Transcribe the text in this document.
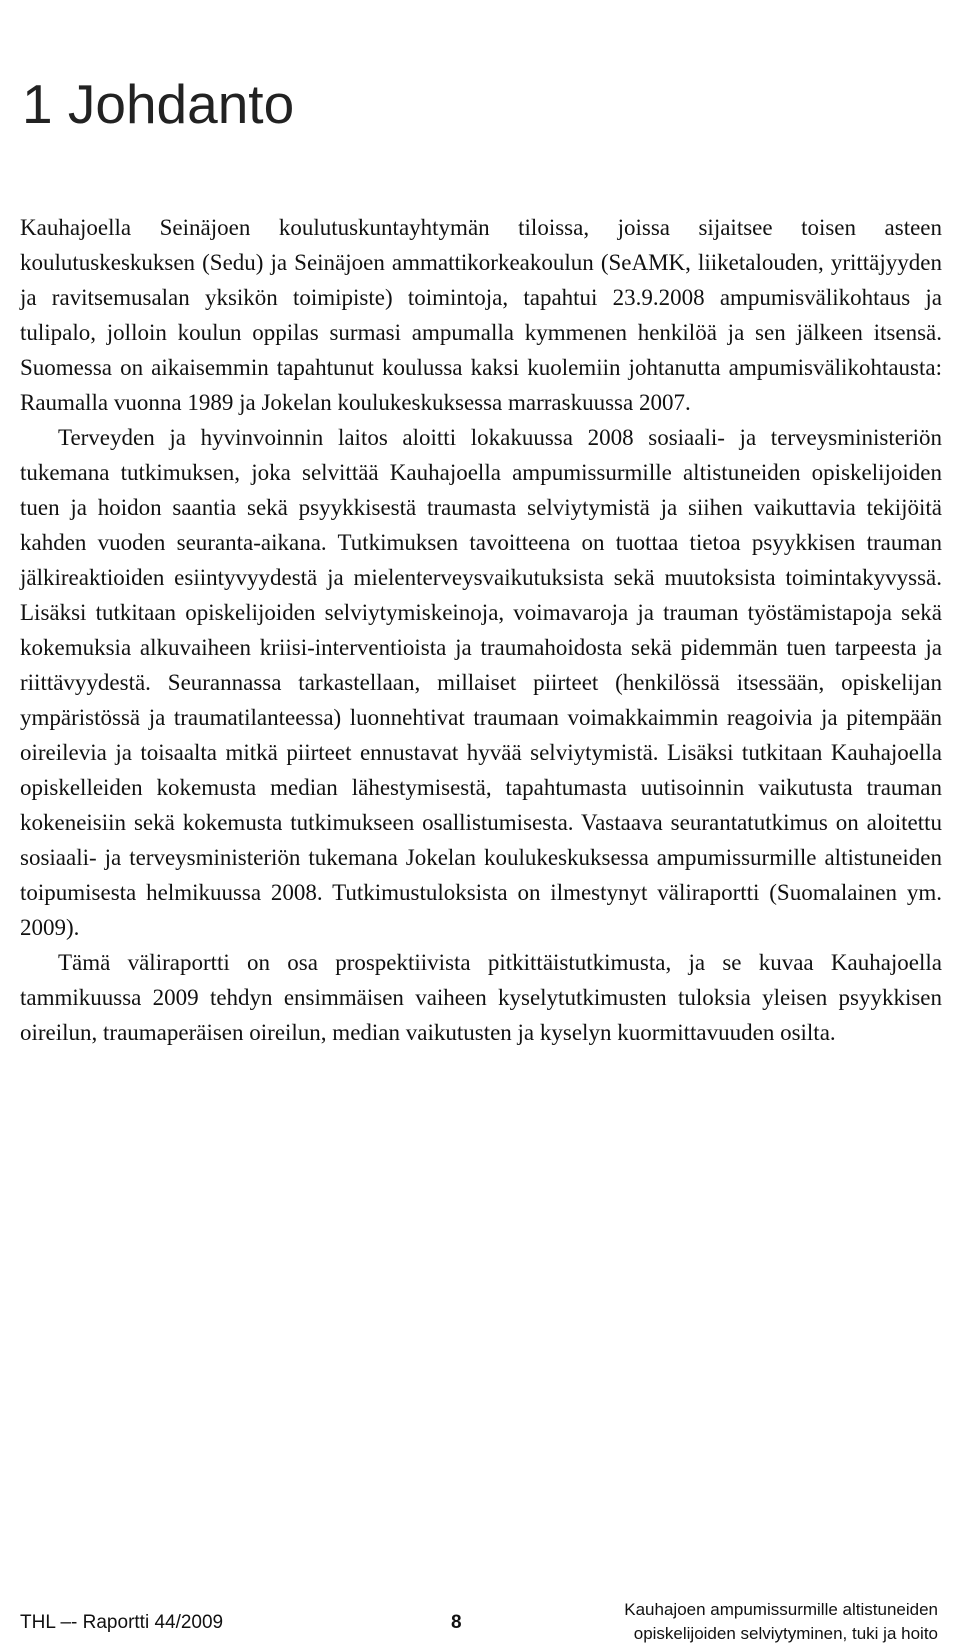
1 Johdanto

Kauhajoella Seinäjoen koulutuskuntayhtymän tiloissa, joissa sijaitsee toisen asteen koulutuskeskuksen (Sedu) ja Seinäjoen ammattikorkeakoulun (SeAMK, liiketalouden, yrittäjyyden ja ravitsemusalan yksikön toimipiste) toimintoja, tapahtui 23.9.2008 ampumisvälikohtaus ja tulipalo, jolloin koulun oppilas surmasi ampumalla kymmenen henkilöä ja sen jälkeen itsensä. Suomessa on aikaisemmin tapahtunut koulussa kaksi kuolemiin johtanutta ampumisvälikohtausta: Raumalla vuonna 1989 ja Jokelan koulukeskuksessa marraskuussa 2007.

Terveyden ja hyvinvoinnin laitos aloitti lokakuussa 2008 sosiaali- ja terveysministeriön tukemana tutkimuksen, joka selvittää Kauhajoella ampumissurmille altistuneiden opiskelijoiden tuen ja hoidon saantia sekä psyykkisestä traumasta selviytymistä ja siihen vaikuttavia tekijöitä kahden vuoden seuranta-aikana. Tutkimuksen tavoitteena on tuottaa tietoa psyykkisen trauman jälkireaktioiden esiintyvyydestä ja mielenterveysvaikutuksista sekä muutoksista toimintakyvyssä. Lisäksi tutkitaan opiskelijoiden selviytymiskeinoja, voimavaroja ja trauman työstämistapoja sekä kokemuksia alkuvaiheen kriisi-interventioista ja traumahoidosta sekä pidemmän tuen tarpeesta ja riittävyydestä. Seurannassa tarkastellaan, millaiset piirteet (henkilössä itsessään, opiskelijan ympäristössä ja traumatilanteessa) luonnehtivat traumaan voimakkaimmin reagoivia ja pitempään oireilevia ja toisaalta mitkä piirteet ennustavat hyvää selviytymistä. Lisäksi tutkitaan Kauhajoella opiskelleiden kokemusta median lähestymisestä, tapahtumasta uutisoinnin vaikutusta trauman kokeneisiin sekä kokemusta tutkimukseen osallistumisesta. Vastaava seurantatutkimus on aloitettu sosiaali- ja terveysministeriön tukemana Jokelan koulukeskuksessa ampumissurmille altistuneiden toipumisesta helmikuussa 2008. Tutkimustuloksista on ilmestynyt väliraportti (Suomalainen ym. 2009).

Tämä väliraportti on osa prospektiivista pitkittäistutkimusta, ja se kuvaa Kauhajoella tammikuussa 2009 tehdyn ensimmäisen vaiheen kyselytutkimusten tuloksia yleisen psyykkisen oireilun, traumaperäisen oireilun, median vaikutusten ja kyselyn kuormittavuuden osilta.

THL –- Raportti 44/2009	8
Kauhajoen ampumissurmille altistuneiden
opiskelijoiden selviytyminen, tuki ja hoito
